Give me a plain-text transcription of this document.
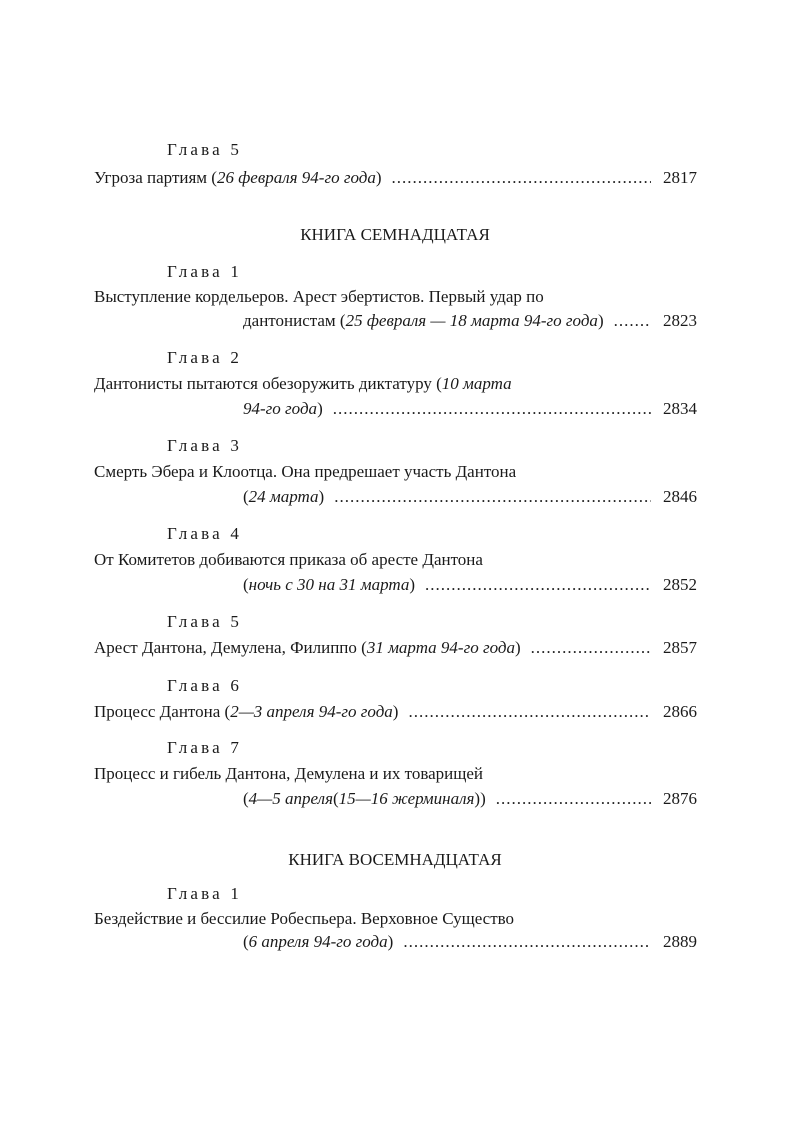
Глава 5
Угроза партиям ( 26 февраля 94-го года ) .....	2817
КНИГА СЕМНАДЦАТАЯ
Глава 1
Выступление кордельеров. Арест эбертистов. Первый удар по
дантонистам ( 25 февраля — 18 марта 94-го года ) .....	2823
Глава 2
Дантонисты пытаются обезоружить диктатуру (10 марта
94-го года ) .....	2834
Глава 3
Смерть Эбера и Клоотца. Она предрешает участь Дантона
( 24 марта ) .....	2846
Глава 4
От Комитетов добиваются приказа об аресте Дантона
( ночь с 30 на 31 марта ) .....	2852
Глава 5
Арест Дантона, Демулена, Филиппо ( 31 марта 94-го года ) .....	2857
Глава 6
Процесс Дантона ( 2—3 апреля 94-го года ) .....	2866
Глава 7
Процесс и гибель Дантона, Демулена и их товарищей
( 4—5 апреля ( 15—16 жерминаля )) .....	2876
КНИГА ВОСЕМНАДЦАТАЯ
Глава 1
Бездействие и бессилие Робеспьера. Верховное Существо
( 6 апреля 94-го года ) .....	2889
